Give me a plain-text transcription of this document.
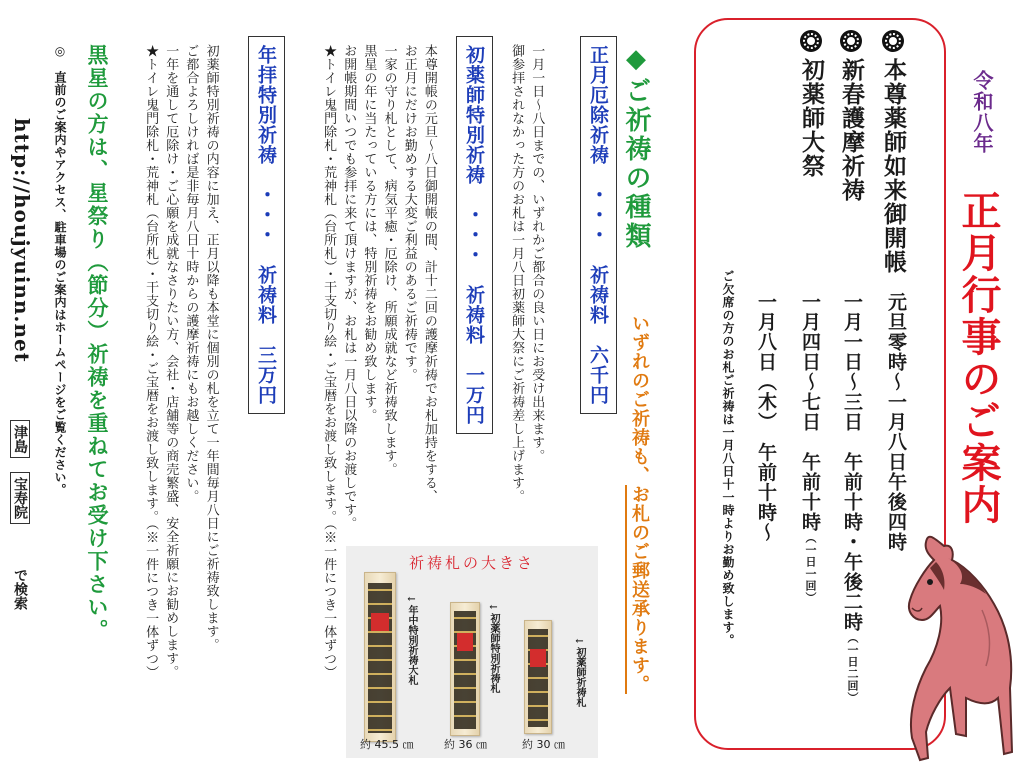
令和八年
正月行事のご案内
本尊薬師如来御開帳
元旦零時〜一月八日午後四時
新春護摩祈祷
一月一日〜三日　午前十時・午後二時（一日二回）
初薬師大祭
一月四日〜七日　午前十時（一日一回）
一月八日（木）　午前十時〜
ご欠席の方のお札ご祈祷は一月八日十一時よりお勤め致します。
◆ご祈祷の種類
いずれのご祈祷も、お札のご郵送承ります。
正月厄除祈祷　・・・　祈祷料　六千円
一月一日〜八日までの、いずれかご都合の良い日にお受け出来ます。
御参拝されなかった方のお札は一月八日初薬師大祭にご祈祷差し上げます。
初薬師特別祈祷　・・・　祈祷料　一万円
本尊開帳の元旦〜八日御開帳の間、計十二回の護摩祈祷でお札加持をする、
お正月にだけお勤めする大変ご利益のあるご祈祷です。
一家の守り札として、病気平癒・厄除け、所願成就など祈祷致します。
黒星の年に当たっている方には、特別祈祷をお勧め致します。
お開帳期間いつでも参拝に来て頂けますが、お札は一月八日以降のお渡しです。
★トイレ鬼門除札・荒神札（台所札）・干支切り絵・ご宝暦をお渡し致します。（※一件につき一体ずつ）
年拝特別祈祷　・・・　祈祷料　三万円
初薬師特別祈祷の内容に加え、正月以降も本堂に個別の札を立て一年間毎月八日にご祈祷致します。
ご都合よろしければ是非毎月八日十時からの護摩祈祷にもお越しください。
一年を通して厄除け・ご心願を成就なさりたい方、会社・店舗等の商売繁盛、安全祈願にお勧めします。
★トイレ鬼門除札・荒神札（台所札）・干支切り絵・ご宝暦をお渡し致します。（※一件につき一体ずつ）
黒星の方は、星祭り（節分）祈祷を重ねてお受け下さい。
◎　直前のご案内やアクセス、駐車場のご案内はホームページをご覧ください。
http://houjyuinn.net
津島宝寿院
で検索
祈祷札の大きさ
←年中特別祈祷大札
約 45.5 ㎝
←初薬師特別祈祷札
約 36 ㎝
←初薬師祈祷札
約 30 ㎝
